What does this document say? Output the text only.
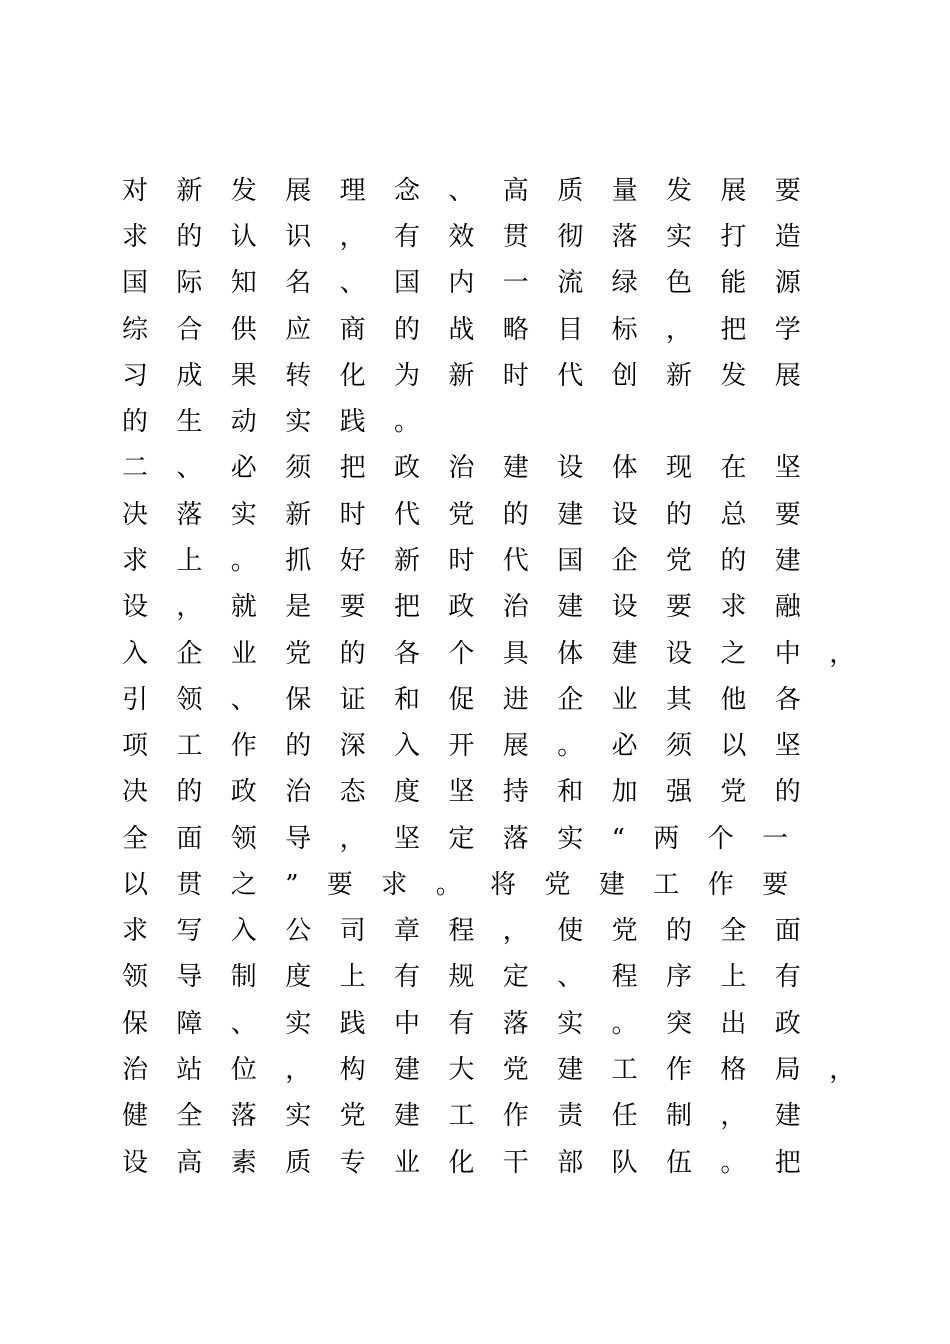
对新发展理念、高质量发展要
求的认识，有效贯彻落实打造
国际知名、国内一流绿色能源
综合供应商的战略目标，把学
习成果转化为新时代创新发展
的生动实践。
二、必须把政治建设体现在坚
决落实新时代党的建设的总要
求上。抓好新时代国企党的建
设，就是要把政治建设要求融
入企业党的各个具体建设之中，
引领、保证和促进企业其他各
项工作的深入开展。必须以坚
决的政治态度坚持和加强党的
全面领导，坚定落实“两个一
以贯之”要求。将党建工作要
求写入公司章程，使党的全面
领导制度上有规定、程序上有
保障、实践中有落实。突出政
治站位，构建大党建工作格局，
健全落实党建工作责任制，建
设高素质专业化干部队伍。把
